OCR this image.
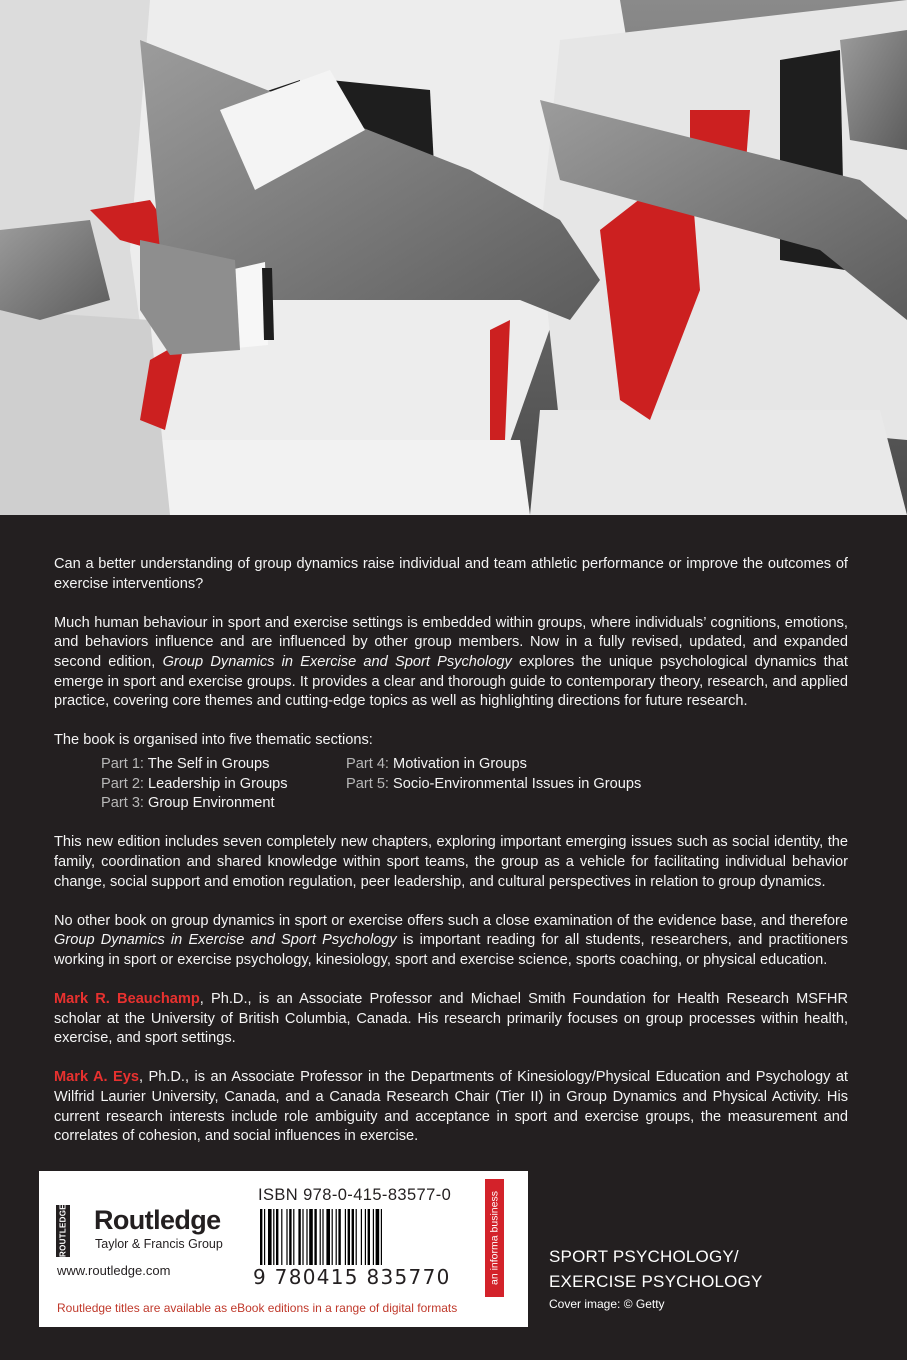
Can a better understanding of group dynamics raise individual and team athletic performance or improve the outcomes of exercise interventions?

Much human behaviour in sport and exercise settings is embedded within groups, where individuals’ cognitions, emotions, and behaviors influence and are influenced by other group members. Now in a fully revised, updated, and expanded second edition, Group Dynamics in Exercise and Sport Psychology explores the unique psychological dynamics that emerge in sport and exercise groups. It provides a clear and thorough guide to contemporary theory, research, and applied practice, covering core themes and cutting-edge topics as well as highlighting directions for future research.

The book is organised into five thematic sections:

Part 1: The Self in Groups	Part 4: Motivation in Groups
Part 2: Leadership in Groups	Part 5: Socio-Environmental Issues in Groups
Part 3: Group Environment

This new edition includes seven completely new chapters, exploring important emerging issues such as social identity, the family, coordination and shared knowledge within sport teams, the group as a vehicle for facilitating individual behavior change, social support and emotion regulation, peer leadership, and cultural perspectives in relation to group dynamics.

No other book on group dynamics in sport or exercise offers such a close examination of the evidence base, and therefore Group Dynamics in Exercise and Sport Psychology is important reading for all students, researchers, and practitioners working in sport or exercise psychology, kinesiology, sport and exercise science, sports coaching, or physical education.

Mark R. Beauchamp, Ph.D., is an Associate Professor and Michael Smith Foundation for Health Research MSFHR scholar at the University of British Columbia, Canada. His research primarily focuses on group processes within health, exercise, and sport settings.

Mark A. Eys, Ph.D., is an Associate Professor in the Departments of Kinesiology/Physical Education and Psychology at Wilfrid Laurier University, Canada, and a Canada Research Chair (Tier II) in Group Dynamics and Physical Activity. His current research interests include role ambiguity and acceptance in sport and exercise groups, the measurement and correlates of cohesion, and social influences in exercise.

ROUTLEDGE Routledge
Taylor & Francis Group
www.routledge.com
Routledge titles are available as eBook editions in a range of digital formats
ISBN 978-0-415-83577-0
9 780415 835770	an informa business	SPORT PSYCHOLOGY/
EXERCISE PSYCHOLOGY
Cover image: © Getty
